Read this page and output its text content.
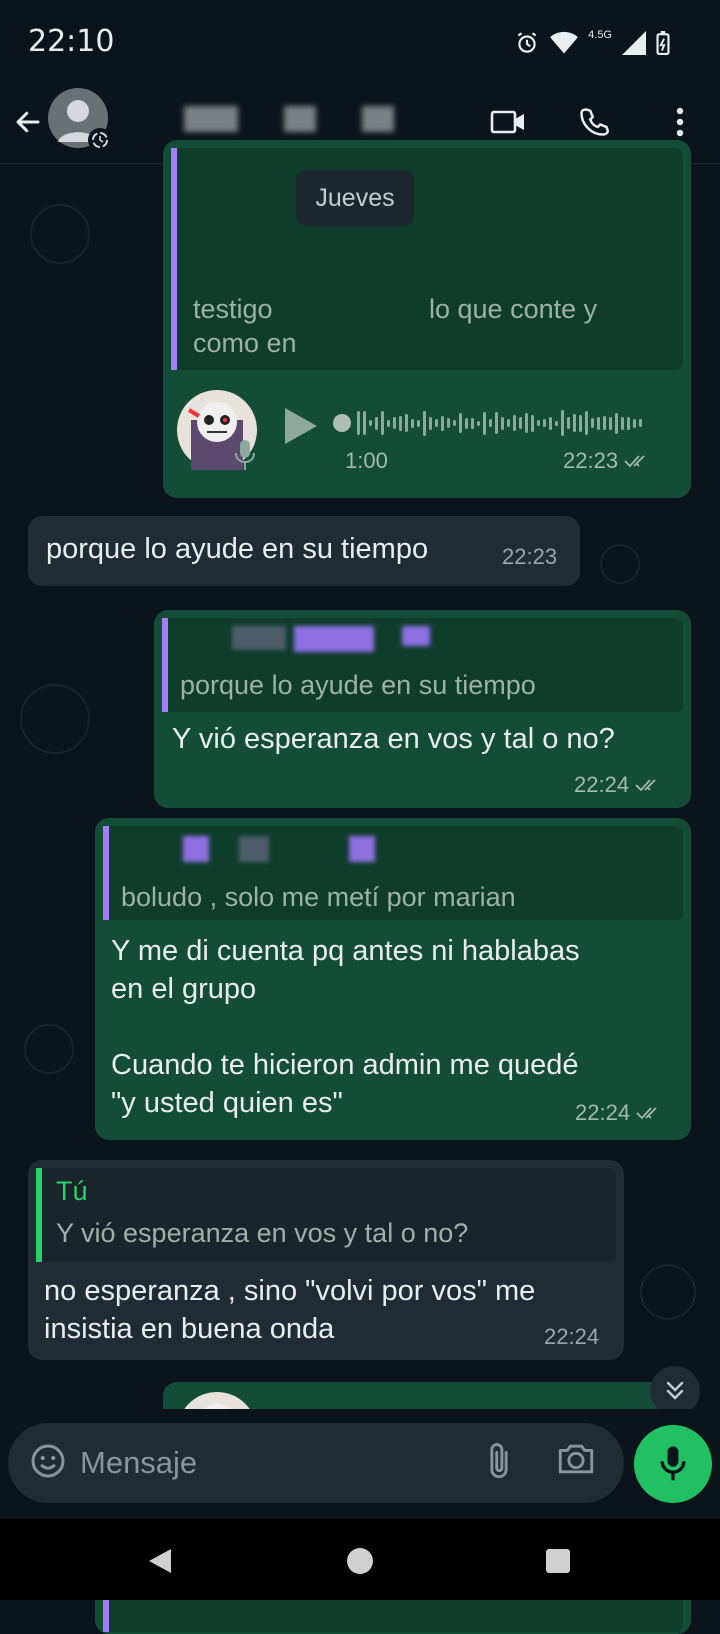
22:10	4.5G
testigo	lo que conte y
como en
1:00	22:23
Jueves
porque lo ayude en su tiempo	22:23
porque lo ayude en su tiempo
Y vió esperanza en vos y tal o no?
22:24
boludo , solo me metí por marian
Y me di cuenta pq antes ni hablabas
en el grupo

Cuando te hicieron admin me quedé
"y usted quien es"	22:24
Tú
Y vió esperanza en vos y tal o no?
no esperanza , sino "volvi por vos" me
insistia en buena onda	22:24
Mensaje
